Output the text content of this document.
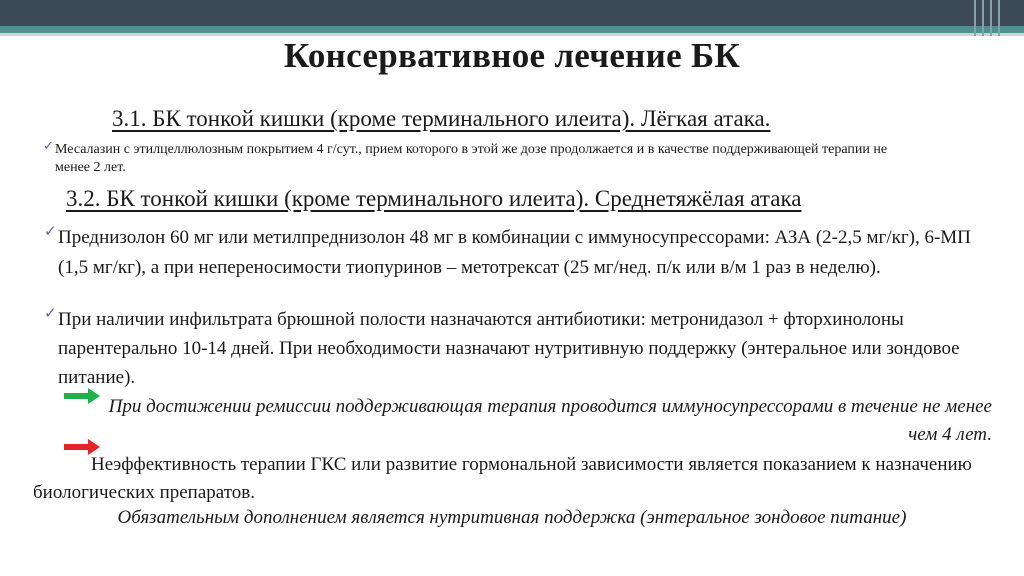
Консервативное лечение БК
3.1. БК тонкой кишки (кроме терминального илеита). Лёгкая атака.
✓ Месалазин с этилцеллюлозным покрытием 4 г/сут., прием которого в этой же дозе продолжается и в качестве поддерживающей терапии не менее 2 лет.
3.2. БК тонкой кишки (кроме терминального илеита). Среднетяжёлая атака
✓ Преднизолон 60 мг или метилпреднизолон 48 мг в комбинации с иммуносупрессорами: АЗА (2-2,5 мг/кг), 6-МП (1,5 мг/кг), а при непереносимости тиопуринов – метотрексат (25 мг/нед. п/к или в/м 1 раз в неделю).
✓ При наличии инфильтрата брюшной полости назначаются антибиотики: метронидазол + фторхинолоны парентерально 10-14 дней. При необходимости назначают нутритивную поддержку (энтеральное или зондовое питание).
При достижении ремиссии поддерживающая терапия проводится иммуносупрессорами в течение не менее чем 4 лет.
Неэффективность терапии ГКС или развитие гормональной зависимости является показанием к назначению биологических препаратов.
Обязательным дополнением является нутритивная поддержка (энтеральное зондовое питание)
